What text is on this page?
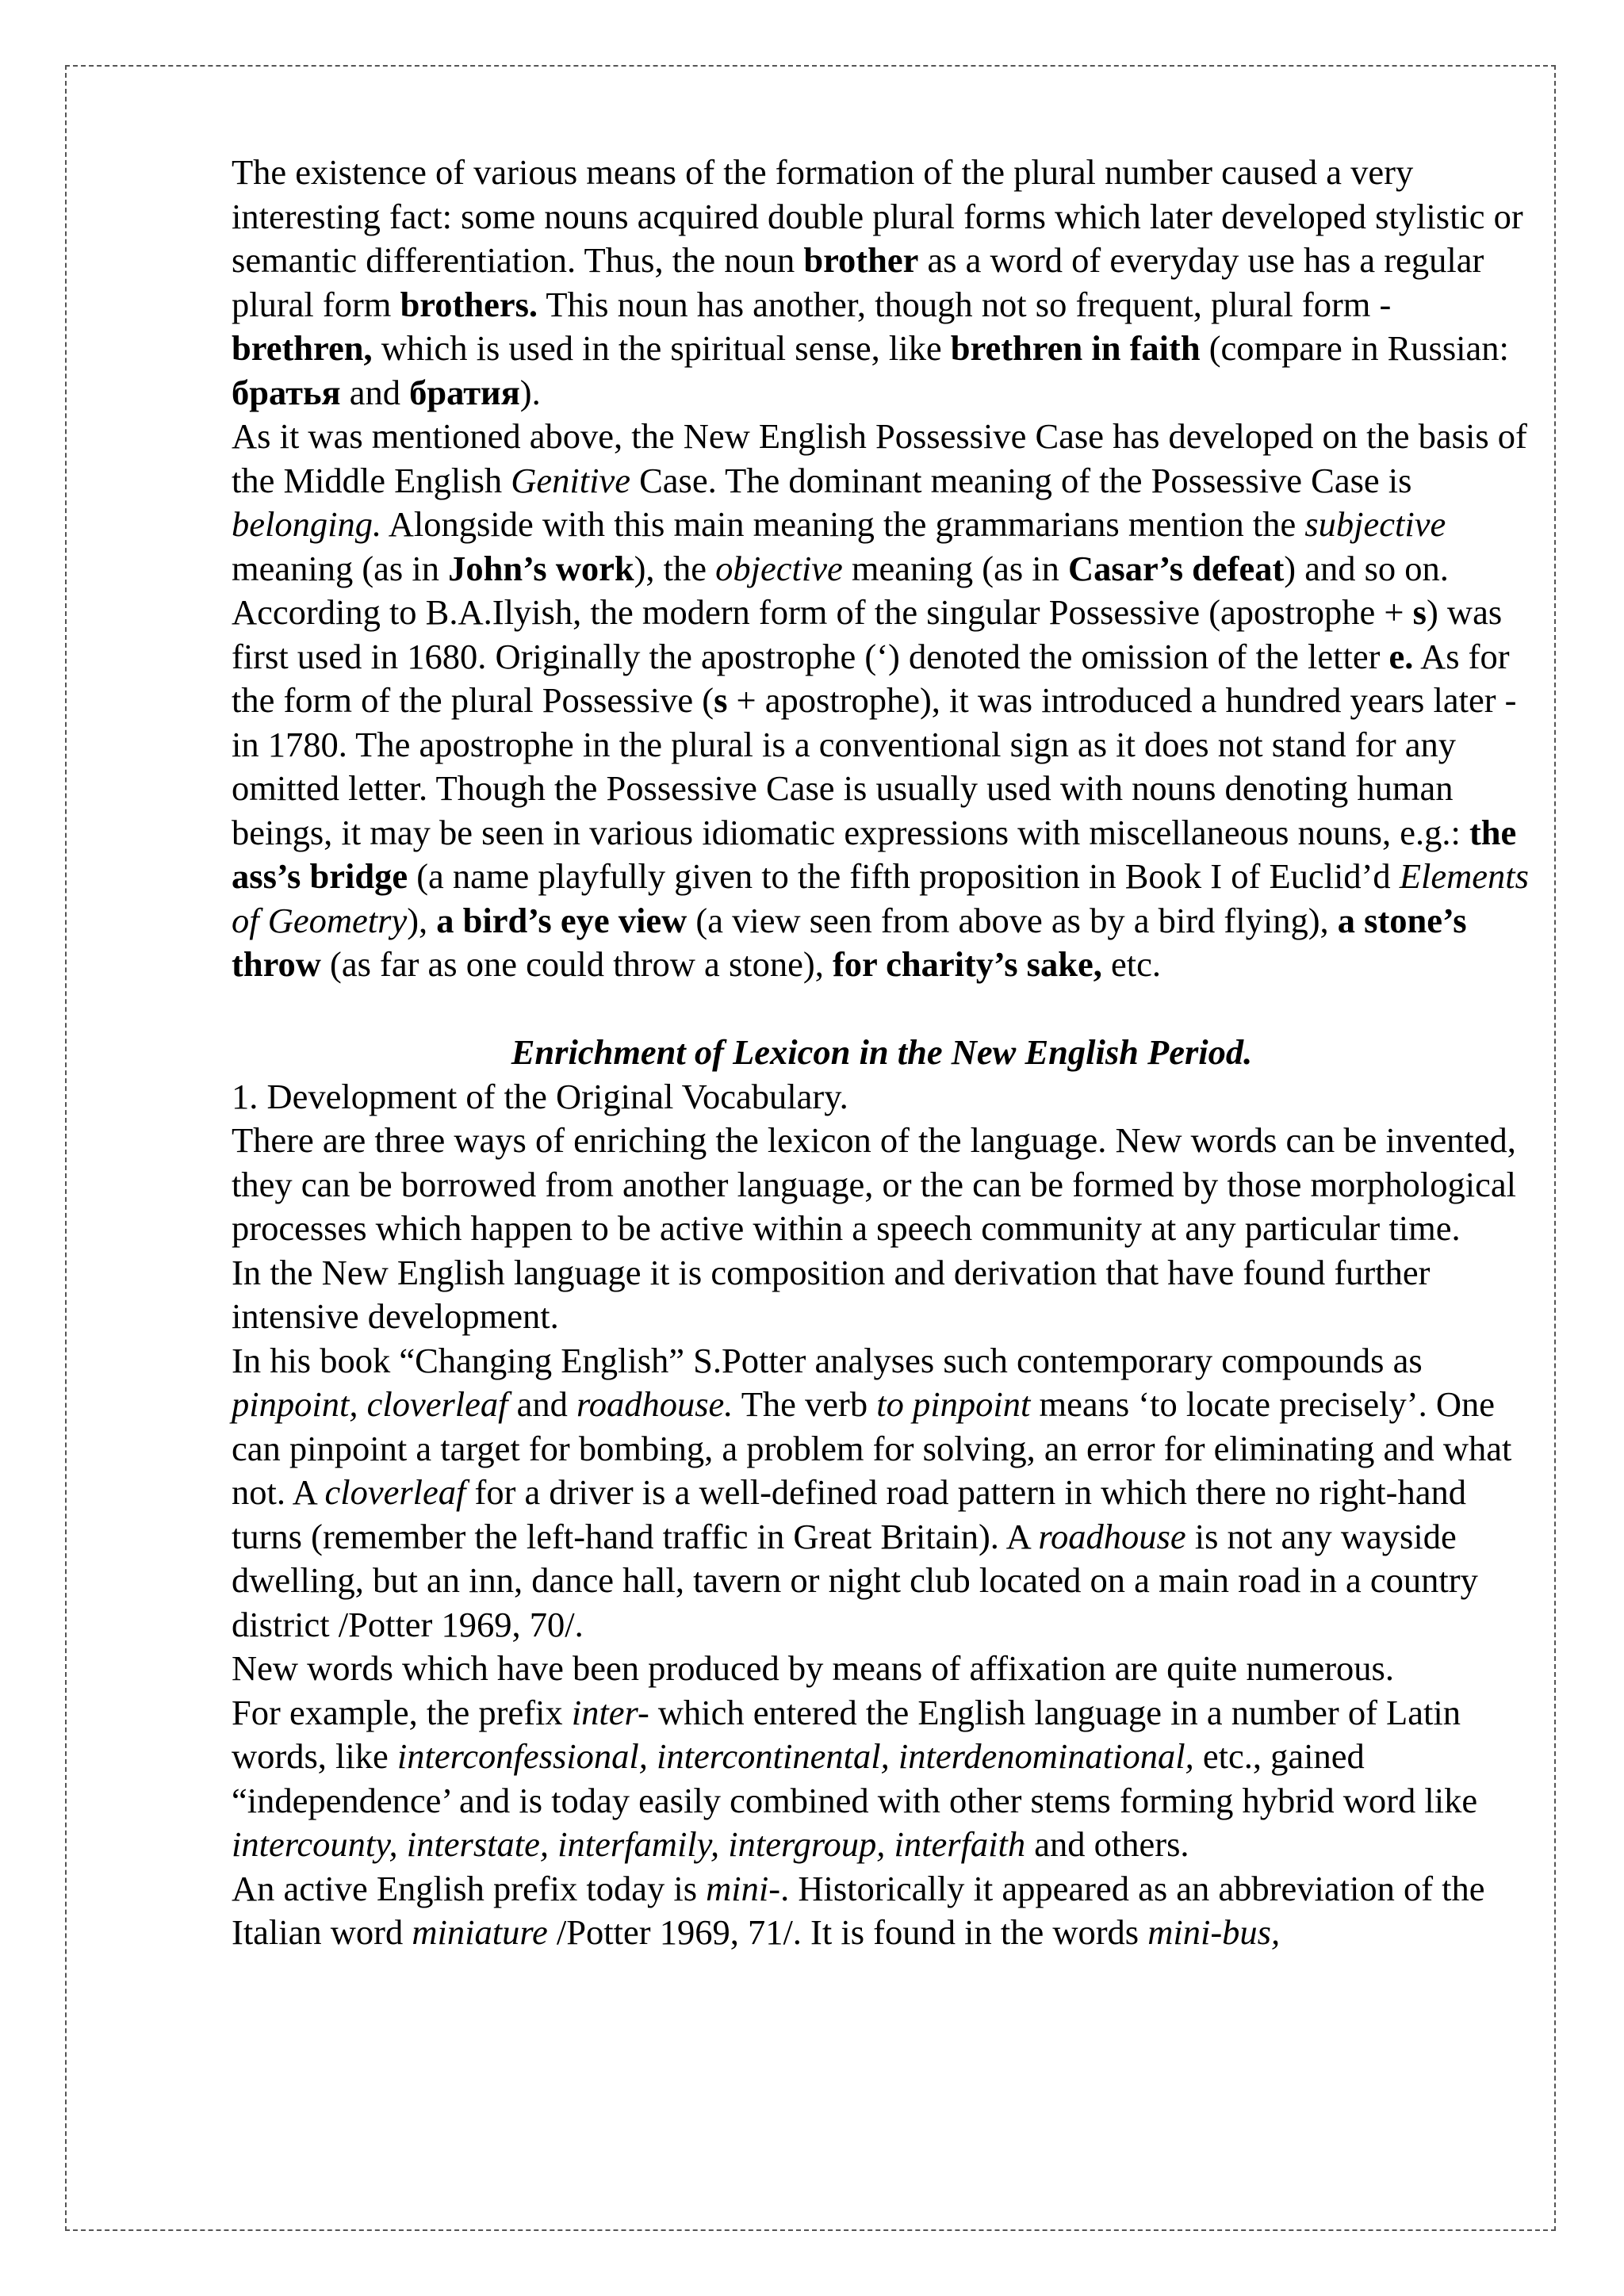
The existence of various means of the formation of the plural number caused a very interesting fact: some nouns acquired double plural forms which later developed stylistic or semantic differentiation. Thus, the noun brother as a word of everyday use has a regular plural form brothers. This noun has another, though not so frequent, plural form - brethren, which is used in the spiritual sense, like brethren in faith (compare in Russian: братья and братия).

As it was mentioned above, the New English Possessive Case has developed on the basis of the Middle English Genitive Case. The dominant meaning of the Possessive Case is belonging. Alongside with this main meaning the grammarians mention the subjective meaning (as in John’s work), the objective meaning (as in Casar’s defeat) and so on. According to B.A.Ilyish, the modern form of the singular Possessive (apostrophe + s) was first used in 1680. Originally the apostrophe (‘) denoted the omission of the letter e. As for the form of the plural Possessive (s + apostrophe), it was introduced a hundred years later - in 1780. The apostrophe in the plural is a conventional sign as it does not stand for any omitted letter. Though the Possessive Case is usually used with nouns denoting human beings, it may be seen in various idiomatic expressions with miscellaneous nouns, e.g.: the ass’s bridge (a name playfully given to the fifth proposition in Book I of Euclid’d Elements of Geometry), a bird’s eye view (a view seen from above as by a bird flying), a stone’s throw (as far as one could throw a stone), for charity’s sake, etc.

Enrichment of Lexicon in the New English Period.

1. Development of the Original Vocabulary.

There are three ways of enriching the lexicon of the language. New words can be invented, they can be borrowed from another language, or the can be formed by those morphological processes which happen to be active within a speech community at any particular time.

In the New English language it is composition and derivation that have found further intensive development.

In his book “Changing English” S.Potter analyses such contemporary compounds as pinpoint, cloverleaf and roadhouse. The verb to pinpoint means ‘to locate precisely’. One can pinpoint a target for bombing, a problem for solving, an error for eliminating and what not. A cloverleaf for a driver is a well-defined road pattern in which there no right-hand turns (remember the left-hand traffic in Great Britain). A roadhouse is not any wayside dwelling, but an inn, dance hall, tavern or night club located on a main road in a country district /Potter 1969, 70/.

New words which have been produced by means of affixation are quite numerous.

For example, the prefix inter- which entered the English language in a number of Latin words, like interconfessional, intercontinental, interdenominational, etc., gained “independence’ and is today easily combined with other stems forming hybrid word like intercounty, interstate, interfamily, intergroup, interfaith and others.

An active English prefix today is mini-. Historically it appeared as an abbreviation of the Italian word miniature /Potter 1969, 71/. It is found in the words mini-bus,
